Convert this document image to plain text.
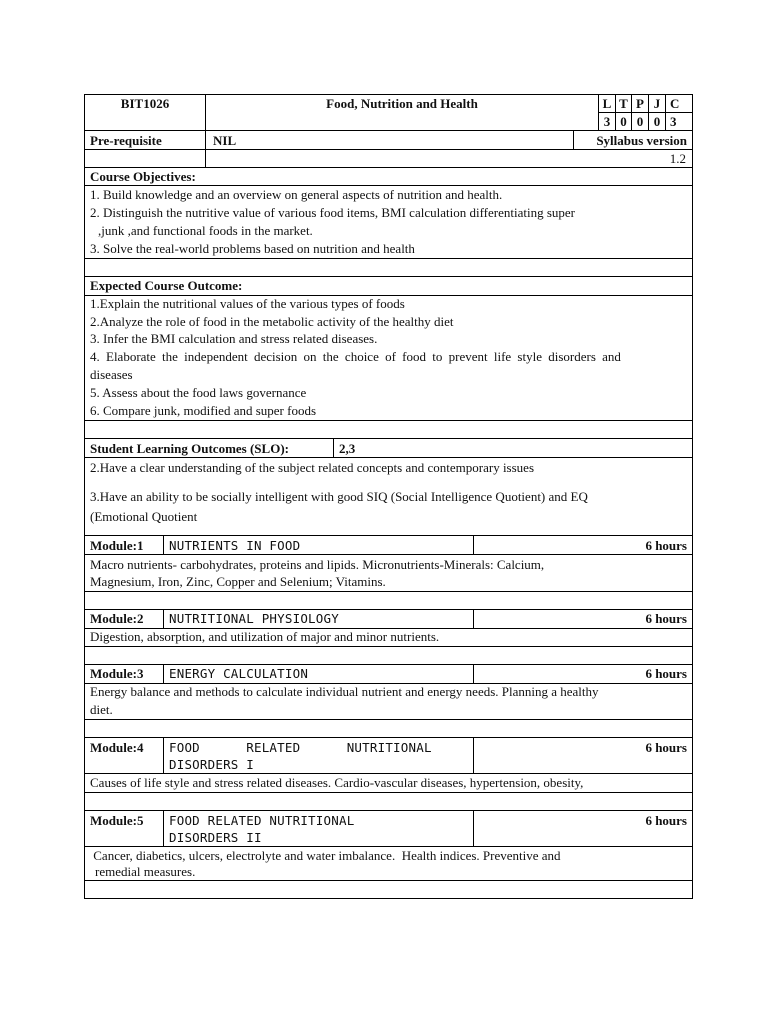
BIT1026	Food, Nutrition and Health	L T P J C
3 0 0 0 3
Pre-requisite	NIL	Syllabus version
1.2
Course Objectives:
1. Build knowledge and an overview on general aspects of nutrition and health.
2. Distinguish the nutritive value of various food items, BMI calculation differentiating super
,junk ,and functional foods in the market.
3. Solve the real-world problems based on nutrition and health
Expected Course Outcome:
1.Explain the nutritional values of the various types of foods
2.Analyze the role of food in the metabolic activity of the healthy diet
3. Infer the BMI calculation and stress related diseases.
4. Elaborate the independent decision on the choice of food to prevent life style disorders and
diseases
5. Assess about the food laws governance
6. Compare junk, modified and super foods
Student Learning Outcomes (SLO):	2,3
2.Have a clear understanding of the subject related concepts and contemporary issues
3.Have an ability to be socially intelligent with good SIQ (Social Intelligence Quotient) and EQ
(Emotional Quotient
Module:1 NUTRIENTS IN FOOD	6 hours
Macro nutrients- carbohydrates, proteins and lipids. Micronutrients-Minerals: Calcium,
Magnesium, Iron, Zinc, Copper and Selenium; Vitamins.
Module:2 NUTRITIONAL PHYSIOLOGY	6 hours
Digestion, absorption, and utilization of major and minor nutrients.
Module:3 ENERGY CALCULATION	6 hours
Energy balance and methods to calculate individual nutrient and energy needs. Planning a healthy
diet.
Module:4 FOOD      RELATED      NUTRITIONAL
DISORDERS I
6 hours
Causes of life style and stress related diseases. Cardio-vascular diseases, hypertension, obesity,
Module:5 FOOD RELATED NUTRITIONAL
DISORDERS II
6 hours
Cancer, diabetics, ulcers, electrolyte and water imbalance.  Health indices. Preventive and
remedial measures.
